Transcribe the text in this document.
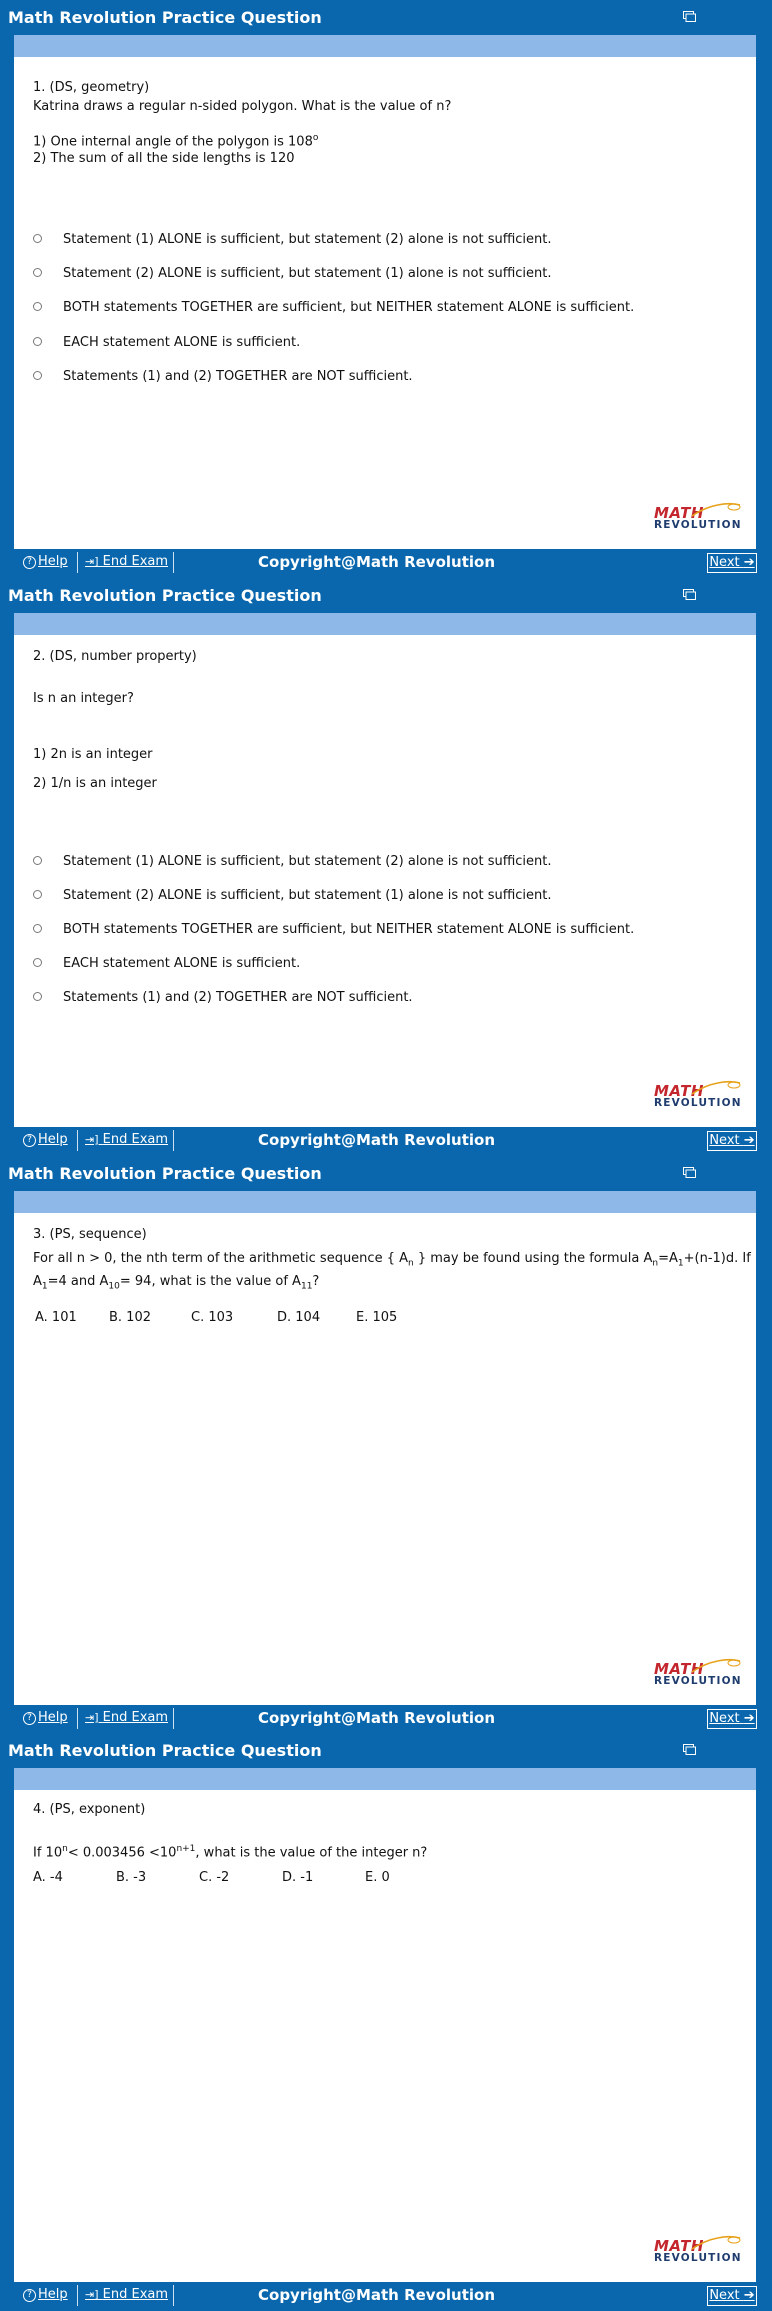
Math Revolution Practice Question
1. (DS, geometry)
Katrina draws a regular n-sided polygon. What is the value of n?
1) One internal angle of the polygon is 108$^o$
2) The sum of all the side lengths is 120
Statement (1) ALONE is sufficient, but statement (2) alone is not sufficient.
Statement (2) ALONE is sufficient, but statement (1) alone is not sufficient.
BOTH statements TOGETHER are sufficient, but NEITHER statement ALONE is sufficient.
EACH statement ALONE is sufficient.
Statements (1) and (2) TOGETHER are NOT sufficient.
MATH
REVOLUTION
? Help ⇥] End Exam	Copyright@Math Revolution	Next ➔
Math Revolution Practice Question
2. (DS, number property)
Is n an integer?
1) 2n is an integer
2) 1/n is an integer
Statement (1) ALONE is sufficient, but statement (2) alone is not sufficient.
Statement (2) ALONE is sufficient, but statement (1) alone is not sufficient.
BOTH statements TOGETHER are sufficient, but NEITHER statement ALONE is sufficient.
EACH statement ALONE is sufficient.
Statements (1) and (2) TOGETHER are NOT sufficient.
MATH
REVOLUTION
? Help ⇥] End Exam	Copyright@Math Revolution	Next ➔
Math Revolution Practice Question
3. (PS, sequence)
For all n > 0, the nth term of the arithmetic sequence { $A_n$ } may be found using the formula $A_n=A_1+(n-1)d$. If
$A_1=4$ and $A_{10}= 94$, what is the value of $A_{11}$?
A. 101 B. 102	C. 103	D. 104	E. 105
MATH
REVOLUTION
? Help ⇥] End Exam	Copyright@Math Revolution	Next ➔
Math Revolution Practice Question
4. (PS, exponent)
If $10^n< 0.003456 <10^{n+1}$, what is the value of the integer n?
A. -4	B. -3	C. -2	D. -1	E. 0
MATH
REVOLUTION
? Help ⇥] End Exam	Copyright@Math Revolution	Next ➔
